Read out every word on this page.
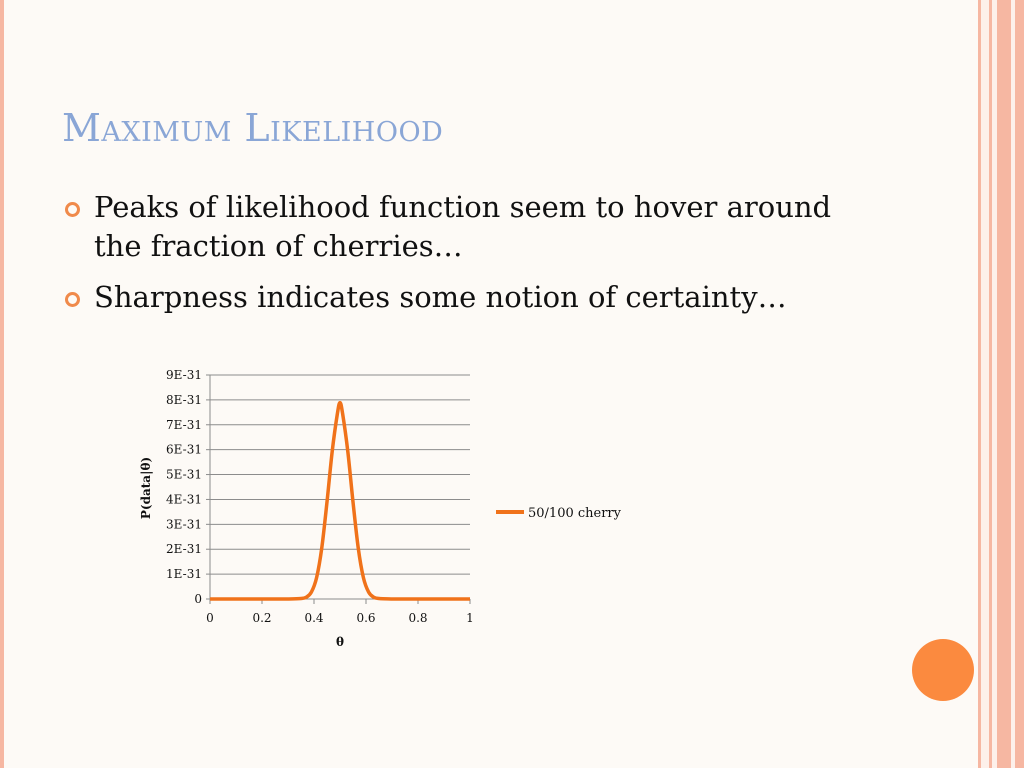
Maximum Likelihood
Peaks of likelihood function seem to hover around the fraction of cherries…
Sharpness indicates some notion of certainty…
0
1E-31
2E-31
3E-31
4E-31
5E-31
6E-31
7E-31
8E-31
9E-31
0	0.2	0.4	0.6	0.8	1
P(data|θ)
θ
50/100 cherry
